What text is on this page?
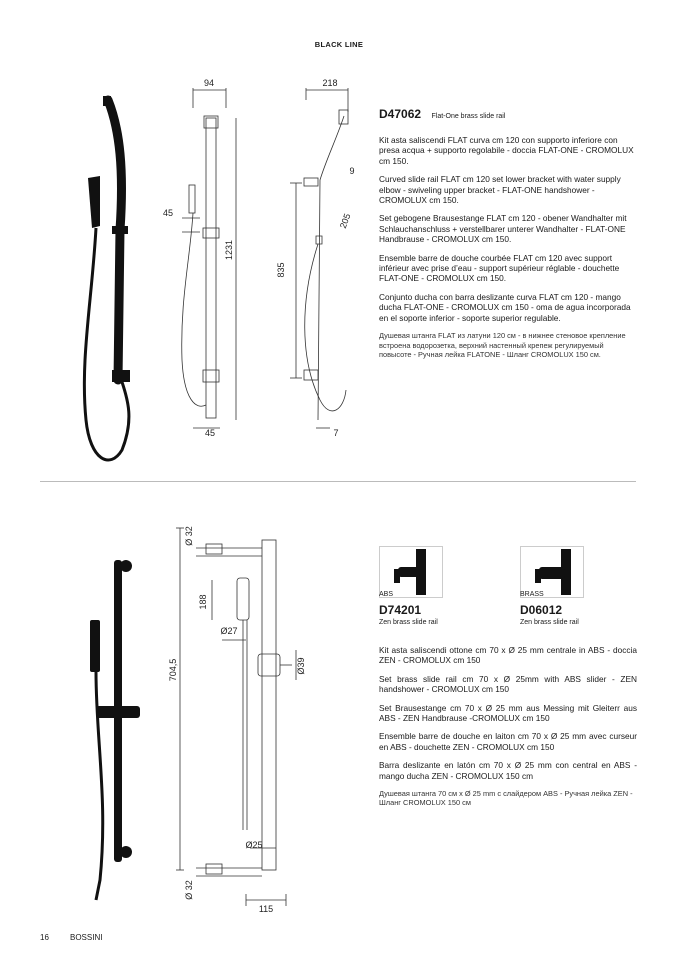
BLACK LINE
94	218
45
1231
835
9
205
45	7
D47062 Flat-One brass slide rail

Kit asta saliscendi FLAT curva cm 120 con supporto inferiore con presa acqua + supporto regolabile - doccia FLAT-ONE - CROMOLUX cm 150.

Curved slide rail FLAT cm 120 set lower bracket with water supply elbow - swiveling upper bracket - FLAT-ONE handshower - CROMOLUX cm 150.

Set gebogene Brausestange FLAT cm 120 - obener Wandhalter mit Schlauchanschluss + verstellbarer unterer Wandhalter - FLAT-ONE Handbrause - CROMOLUX cm 150.

Ensemble barre de douche courbée FLAT cm 120 avec support inférieur avec prise d’eau - support supérieur réglable - douchette FLAT-ONE - CROMOLUX cm 150.

Conjunto ducha con barra deslizante curva FLAT cm 120 - mango ducha FLAT-ONE - CROMOLUX cm 150 - oma de agua incorporada en el soporte inferior - soporte superior regulable.

Душевая штанга FLAT из латуни 120 см - в нижнее стеновое крепление встроена водорозетка, верхний настенный крепеж регулируемый повысоте - Ручная лейка FLATONE - Шланг CROMOLUX 150 см.

Ø 32
188
Ø27
704,5	Ø39
Ø25
Ø 32
115
ABS
D74201
Zen brass slide rail
BRASS
D06012
Zen brass slide rail

Kit asta saliscendi ottone cm 70 x Ø 25 mm centrale in ABS - doccia ZEN - CROMOLUX cm 150

Set brass slide rail cm 70 x Ø 25mm with ABS slider - ZEN handshower - CROMOLUX cm 150

Set Brausestange cm 70 x Ø 25 mm aus Messing mit Gleiterr aus ABS - ZEN Handbrause -CROMOLUX cm 150

Ensemble barre de douche en laiton cm 70 x Ø 25 mm avec curseur en ABS - douchette ZEN - CROMOLUX cm 150

Barra deslizante en latón cm 70 x Ø 25 mm con central en ABS - mango ducha ZEN - CROMOLUX 150 cm

Душевая штанга 70 см х Ø 25 mm с слайдером ABS - Ручная лейка ZEN - Шланг CROMOLUX 150 см

16	BOSSINI
